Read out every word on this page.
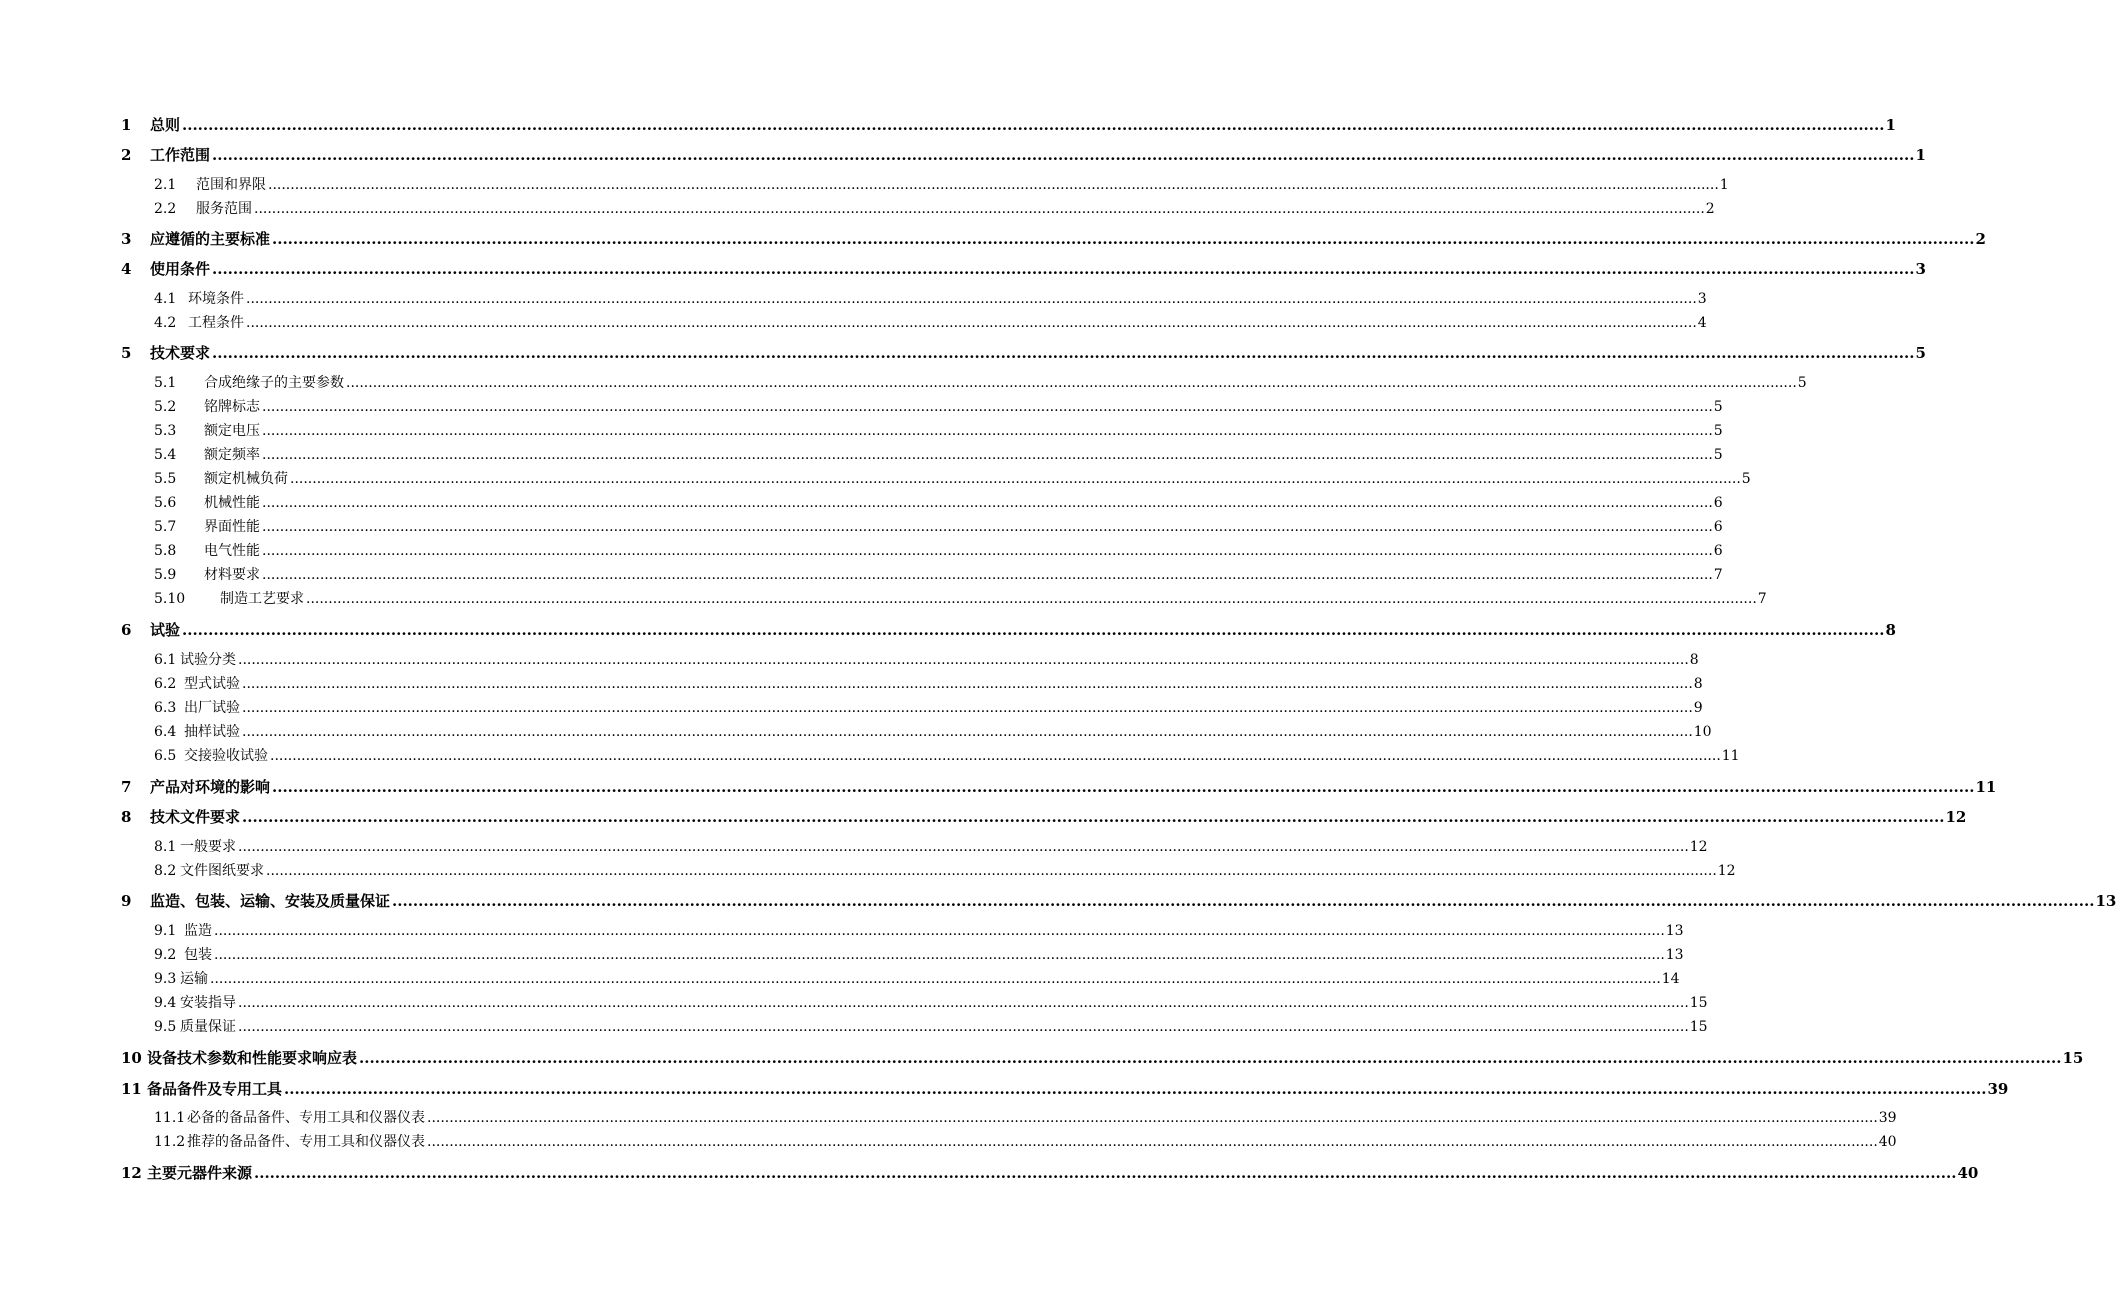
1 总则 .....	1
2 工作范围 .....	1
2.1 范围和界限 .....	1
2.2 服务范围 .....	2
3 应遵循的主要标准 .....	2
4 使用条件 .....	3
4.1 环境条件 .....	3
4.2 工程条件 .....	4
5 技术要求 .....	5
5.1 合成绝缘子的主要参数 .....	5
5.2 铭牌标志 .....	5
5.3 额定电压 .....	5
5.4 额定频率 .....	5
5.5 额定机械负荷 .....	5
5.6 机械性能 .....	6
5.7 界面性能 .....	6
5.8 电气性能 .....	6
5.9 材料要求 .....	7
5.10 制造工艺要求 .....	7
6 试验 .....	8
6.1 试验分类 .....	8
6.2 型式试验 .....	8
6.3 出厂试验 .....	9
6.4 抽样试验 .....	10
6.5 交接验收试验 .....	11
7 产品对环境的影响 .....	11
8 技术文件要求 .....	12
8.1 一般要求 .....	12
8.2 文件图纸要求 .....	12
9 监造、包装、运输、安装及质量保证 .....	13
9.1 监造 .....	13
9.2 包装 .....	13
9.3 运输 .....	14
9.4 安装指导 .....	15
9.5 质量保证 .....	15
10 设备技术参数和性能要求响应表 .....	15
11 备品备件及专用工具 .....	39
11.1 必备的备品备件、专用工具和仪器仪表 .....	39
11.2 推荐的备品备件、专用工具和仪器仪表 .....	40
12 主要元器件来源 .....	40
